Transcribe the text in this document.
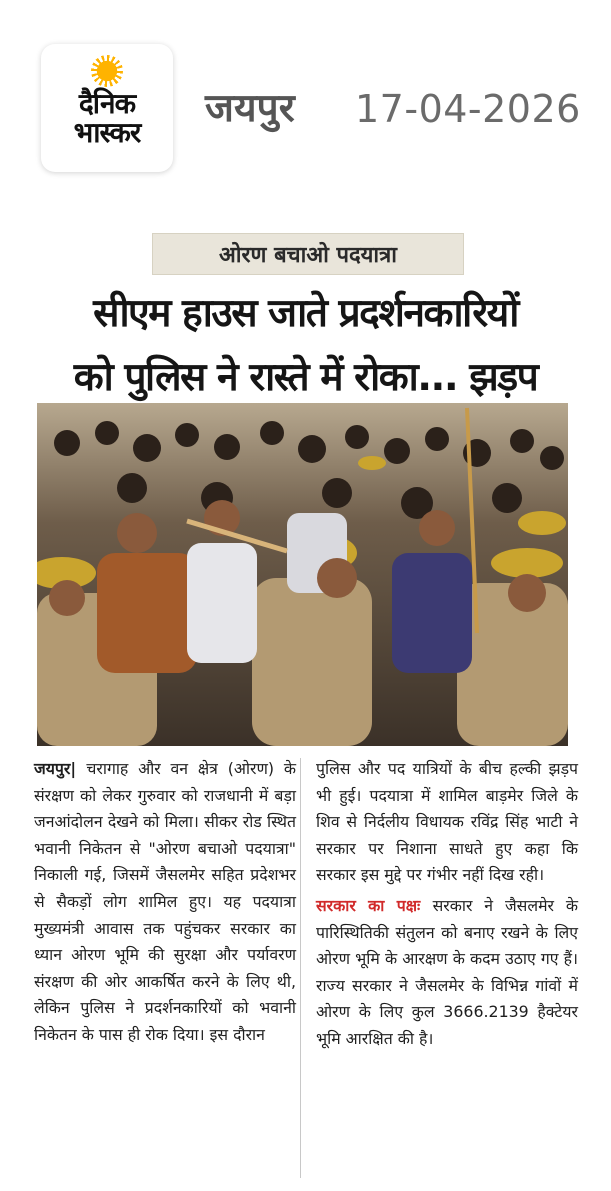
दैनिक
भास्कर
जयपुर 17-04-2026
ओरण बचाओ पदयात्रा
सीएम हाउस जाते प्रदर्शनकारियों
को पुलिस ने रास्ते में रोका... झड़प
जयपुर| चरागाह और वन क्षेत्र (ओरण) के संरक्षण को लेकर गुरुवार को राजधानी में बड़ा जनआंदोलन देखने को मिला। सीकर रोड स्थित भवानी निकेतन से "ओरण बचाओ पदयात्रा" निकाली गई, जिसमें जैसलमेर सहित प्रदेशभर से सैकड़ों लोग शामिल हुए। यह पदयात्रा मुख्यमंत्री आवास तक पहुंचकर सरकार का ध्यान ओरण भूमि की सुरक्षा और पर्यावरण संरक्षण की ओर आकर्षित करने के लिए थी, लेकिन पुलिस ने प्रदर्शनकारियों को भवानी निकेतन के पास ही रोक दिया। इस दौरान
पुलिस और पद यात्रियों के बीच हल्की झड़प भी हुई। पदयात्रा में शामिल बाड़मेर जिले के शिव से निर्दलीय विधायक रविंद्र सिंह भाटी ने सरकार पर निशाना साधते हुए कहा कि सरकार इस मुद्दे पर गंभीर नहीं दिख रही।
सरकार का पक्षः सरकार ने जैसलमेर के पारिस्थितिकी संतुलन को बनाए रखने के लिए ओरण भूमि के आरक्षण के कदम उठाए गए हैं। राज्य सरकार ने जैसलमेर के विभिन्न गांवों में ओरण के लिए कुल 3666.2139 हैक्टेयर भूमि आरक्षित की है।
